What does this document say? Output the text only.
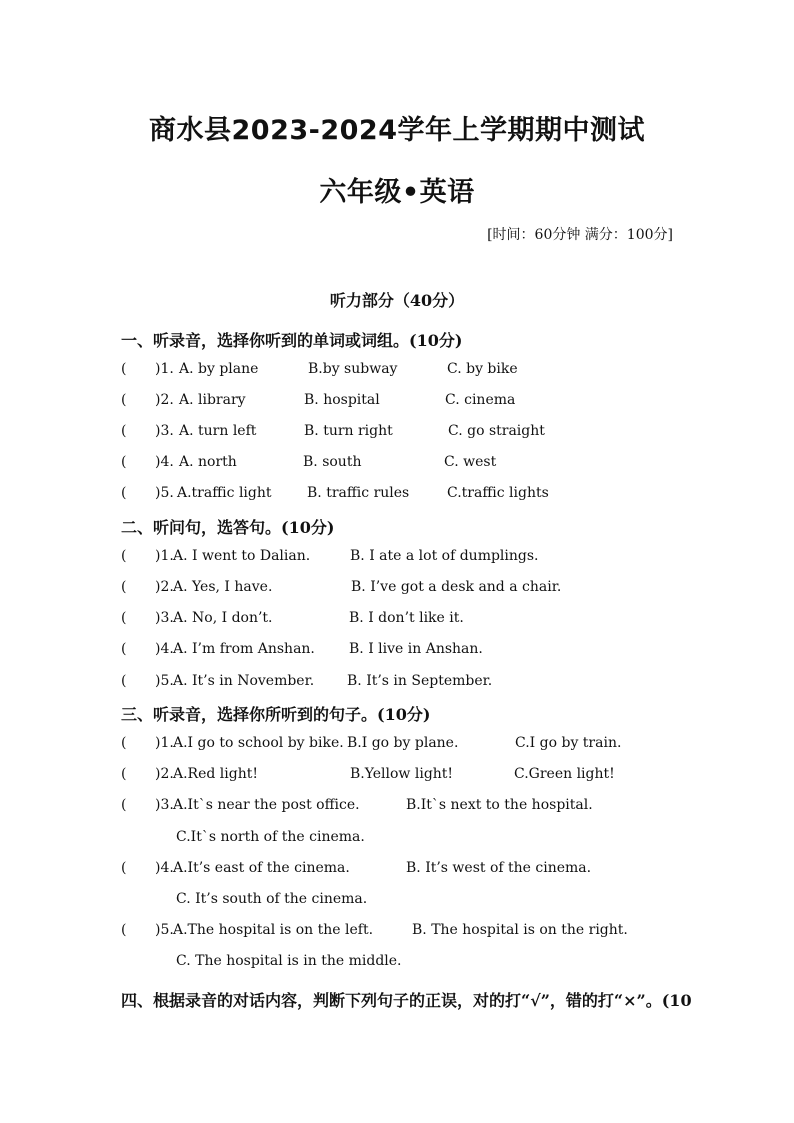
商水县2023-2024学年上学期期中测试
六年级•英语
[时间：60分钟 满分：100分]
听力部分（40分）
一、听录音，选择你听到的单词或词组。(10分)
( )1. A. by plane	B.by subway	C. by bike
( )2. A. library	B. hospital	C. cinema
( )3. A. turn left	B. turn right	C. go straight
( )4. A. north	B. south	C. west
( )5. A.traffic light	B. traffic rules	C.traffic lights
二、听问句，选答句。(10分)
( )1. A. I went to Dalian.	B. I ate a lot of dumplings.
( )2. A. Yes, I have.	B. I’ve got a desk and a chair.
( )3. A. No, I don’t.	B. I don’t like it.
( )4. A. I’m from Anshan. B. I live in Anshan.
( )5. A. It’s in November. B. It’s in September.
三、听录音，选择你所听到的句子。(10分)
( )1. A.I go to school by bike. B.I go by plane.	C.I go by train.
( )2. A.Red light!	B.Yellow light!	C.Green light!
( )3. A.It`s near the post office.	B.It`s next to the hospital.
C.It`s north of the cinema.
( )4. A.It’s east of the cinema.	B. It’s west of the cinema.
C. It’s south of the cinema.
( )5. A.The hospital is on the left.	B. The hospital is on the right.
C. The hospital is in the middle.
四、根据录音的对话内容，判断下列句子的正误，对的打“√”，错的打“×”。(10
